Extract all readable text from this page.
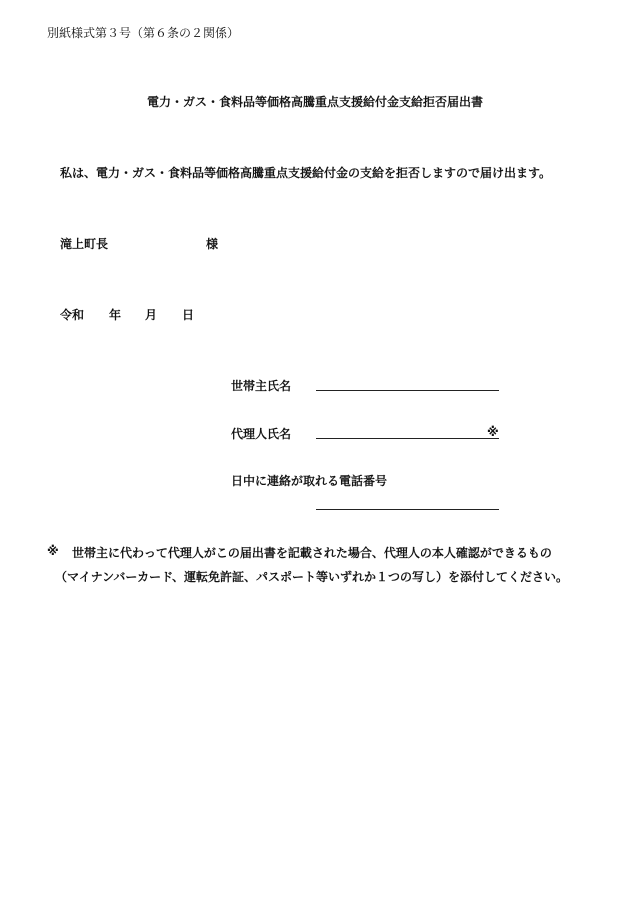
別紙様式第３号（第６条の２関係）
電力・ガス・食料品等価格高騰重点支援給付金支給拒否届出書
私は、電力・ガス・食料品等価格高騰重点支援給付金の支給を拒否しますので届け出ます。
滝上町長	様
令和 年 月 日
世帯主氏名
代理人氏名	※
日中に連絡が取れる電話番号
※ 世帯主に代わって代理人がこの届出書を記載された場合、代理人の本人確認ができるもの
（マイナンバーカード、運転免許証、パスポート等いずれか１つの写し）を添付してください。
